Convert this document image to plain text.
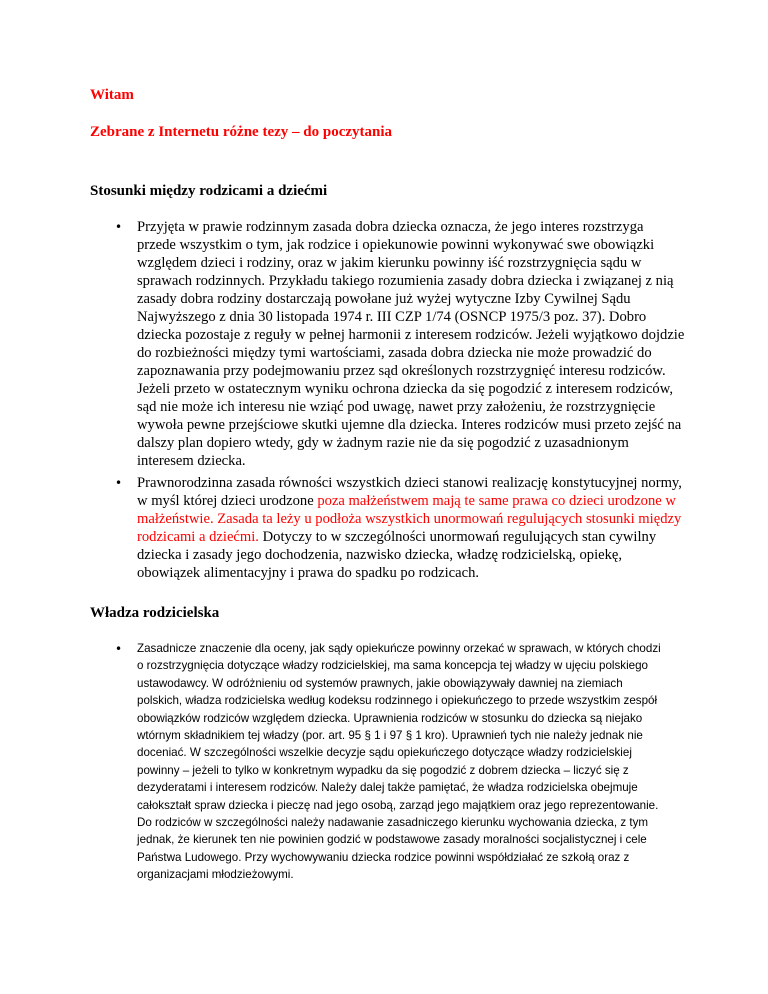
Witam

Zebrane z Internetu różne tezy – do poczytania

Stosunki między rodzicami a dziećmi

• Przyjęta w prawie rodzinnym zasada dobra dziecka oznacza, że jego interes rozstrzyga przede wszystkim o tym, jak rodzice i opiekunowie powinni wykonywać swe obowiązki względem dzieci i rodziny, oraz w jakim kierunku powinny iść rozstrzygnięcia sądu w sprawach rodzinnych. Przykładu takiego rozumienia zasady dobra dziecka i związanej z nią zasady dobra rodziny dostarczają powołane już wyżej wytyczne Izby Cywilnej Sądu Najwyższego z dnia 30 listopada 1974 r. III CZP 1/74 (OSNCP 1975/3 poz. 37). Dobro dziecka pozostaje z reguły w pełnej harmonii z interesem rodziców. Jeżeli wyjątkowo dojdzie do rozbieżności między tymi wartościami, zasada dobra dziecka nie może prowadzić do zapoznawania przy podejmowaniu przez sąd określonych rozstrzygnięć interesu rodziców. Jeżeli przeto w ostatecznym wyniku ochrona dziecka da się pogodzić z interesem rodziców, sąd nie może ich interesu nie wziąć pod uwagę, nawet przy założeniu, że rozstrzygnięcie wywoła pewne przejściowe skutki ujemne dla dziecka. Interes rodziców musi przeto zejść na dalszy plan dopiero wtedy, gdy w żadnym razie nie da się pogodzić z uzasadnionym interesem dziecka.

• Prawnorodzinna zasada równości wszystkich dzieci stanowi realizację konstytucyjnej normy, w myśl której dzieci urodzone poza małżeństwem mają te same prawa co dzieci urodzone w małżeństwie. Zasada ta leży u podłoża wszystkich unormowań regulujących stosunki między rodzicami a dziećmi. Dotyczy to w szczególności unormowań regulujących stan cywilny dziecka i zasady jego dochodzenia, nazwisko dziecka, władzę rodzicielską, opiekę, obowiązek alimentacyjny i prawa do spadku po rodzicach.

Władza rodzicielska

• Zasadnicze znaczenie dla oceny, jak sądy opiekuńcze powinny orzekać w sprawach, w których chodzi o rozstrzygnięcia dotyczące władzy rodzicielskiej, ma sama koncepcja tej władzy w ujęciu polskiego ustawodawcy. W odróżnieniu od systemów prawnych, jakie obowiązywały dawniej na ziemiach polskich, władza rodzicielska według kodeksu rodzinnego i opiekuńczego to przede wszystkim zespół obowiązków rodziców względem dziecka. Uprawnienia rodziców w stosunku do dziecka są niejako wtórnym składnikiem tej władzy (por. art. 95 § 1 i 97 § 1 kro). Uprawnień tych nie należy jednak nie doceniać. W szczególności wszelkie decyzje sądu opiekuńczego dotyczące władzy rodzicielskiej powinny – jeżeli to tylko w konkretnym wypadku da się pogodzić z dobrem dziecka – liczyć się z dezyderatami i interesem rodziców. Należy dalej także pamiętać, że władza rodzicielska obejmuje całokształt spraw dziecka i pieczę nad jego osobą, zarząd jego majątkiem oraz jego reprezentowanie. Do rodziców w szczególności należy nadawanie zasadniczego kierunku wychowania dziecka, z tym jednak, że kierunek ten nie powinien godzić w podstawowe zasady moralności socjalistycznej i cele Państwa Ludowego. Przy wychowywaniu dziecka rodzice powinni współdziałać ze szkołą oraz z organizacjami młodzieżowymi.
